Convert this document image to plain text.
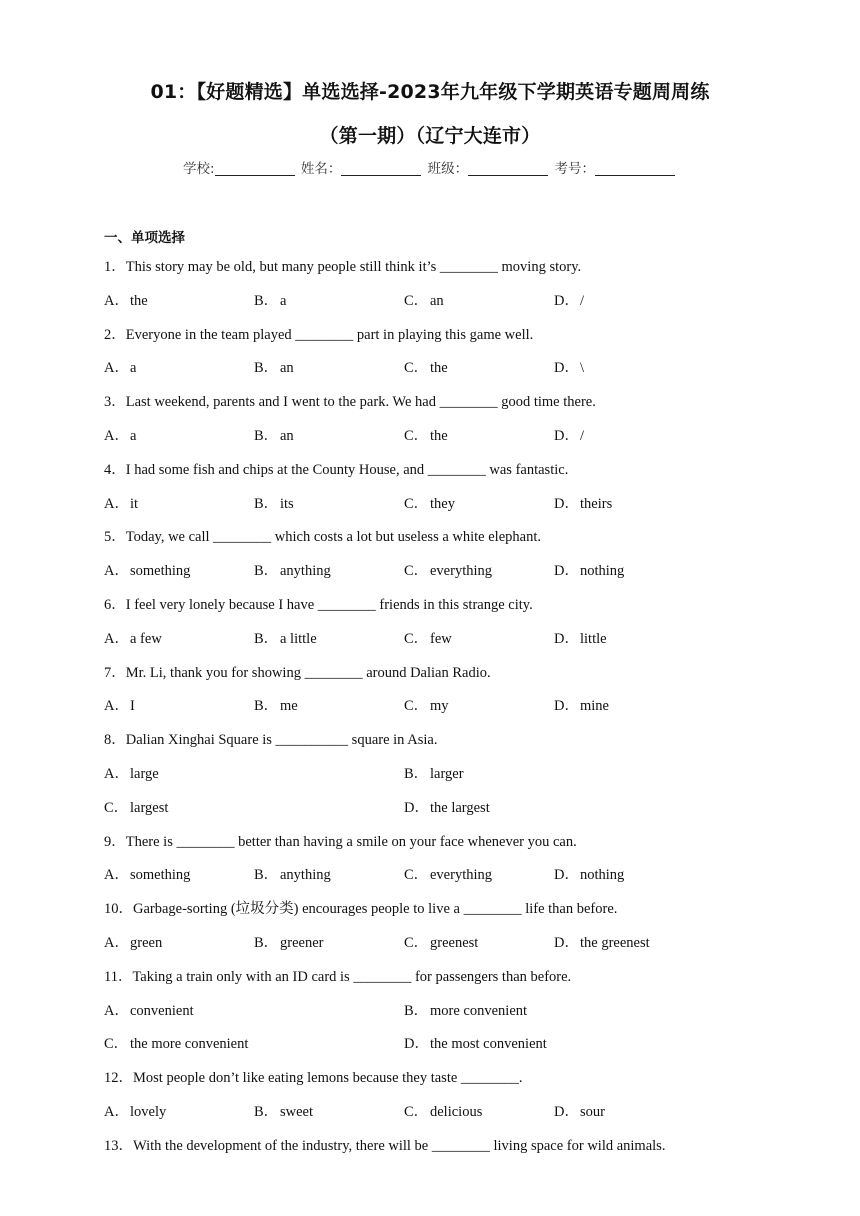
01：【好题精选】单选选择-2023年九年级下学期英语专题周周练
（第一期）（辽宁大连市）
学校:	姓名：	班级：	考号：
一、单项选择
1．This story may be old, but many people still think it’s ________ moving story.
A．the	B． a	C． an	D．/
2．Everyone in the team played ________ part in playing this game well.
A．a	B． an	C． the	D．\
3．Last weekend, parents and I went to the park. We had ________ good time there.
A．a	B． an	C． the	D．/
4．I had some fish and chips at the County House, and ________ was fantastic.
A．it	B． its	C． they	D．theirs
5．Today, we call ________ which costs a lot but useless a white elephant.
A．something	B． anything	C． everything	D．nothing
6．I feel very lonely because I have ________ friends in this strange city.
A．a few	B． a little	C． few	D．little
7．Mr. Li, thank you for showing ________ around Dalian Radio.
A．I	B． me	C． my	D．mine
8．Dalian Xinghai Square is __________ square in Asia.
A．large	B． larger
C． largest	D．the largest
9．There is ________ better than having a smile on your face whenever you can.
A．something	B． anything	C． everything	D．nothing
10．Garbage-sorting (垃圾分类) encourages people to live a ________ life than before.
A．green	B． greener	C． greenest	D．the greenest
11．Taking a train only with an ID card is ________ for passengers than before.
A．convenient	B． more convenient
C． the more convenient	D．the most convenient
12．Most people don’t like eating lemons because they taste ________.
A．lovely	B． sweet	C． delicious	D．sour
13．With the development of the industry, there will be ________ living space for wild animals.
